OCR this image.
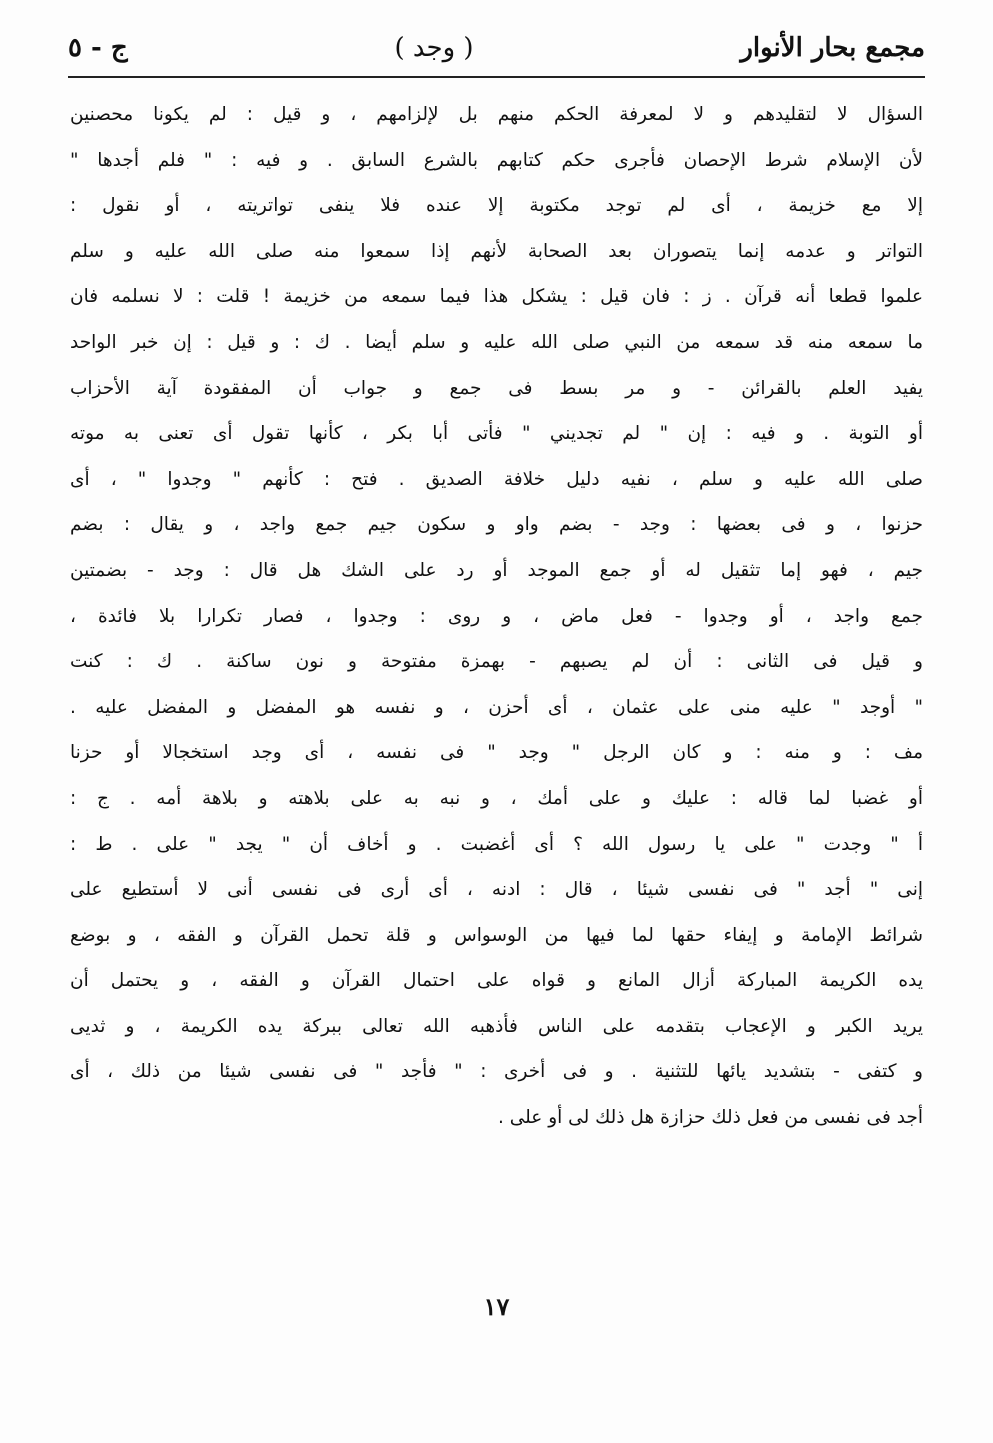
مجمع بحار الأنوار
( وجد )
ج - ٥
السؤال لا لتقليدهم و لا لمعرفة الحكم منهم بل لإلزامهم ، و قيل : لم يكونا محصنين
لأن الإسلام شرط الإحصان فأجرى حكم كتابهم بالشرع السابق . و فيه : " فلم أجدها "
إلا مع خزيمة ، أى لم توجد مكتوبة إلا عنده فلا ينفى تواتريته ، أو نقول :
التواتر و عدمه إنما يتصوران بعد الصحابة لأنهم إذا سمعوا منه صلى الله عليه و سلم
علموا قطعا أنه قرآن . ز : فان قيل : يشكل هذا فيما سمعه من خزيمة ! قلت : لا نسلمه فان
ما سمعه منه قد سمعه من النبي صلى الله عليه و سلم أيضا . ك : و قيل : إن خبر الواحد
يفيد العلم بالقرائن - و مر بسط فى جمع و جواب أن المفقودة آية الأحزاب
أو التوبة . و فيه : إن " لم تجديني " فأتى أبا بكر ، كأنها تقول أى تعنى به موته
صلى الله عليه و سلم ، نفيه دليل خلافة الصديق . فتح : كأنهم " وجدوا " ، أى
حزنوا ، و فى بعضها : وجد - بضم واو و سكون جيم جمع واجد ، و يقال : بضم
جيم ، فهو إما تثقيل له أو جمع الموجد أو رد على الشك هل قال : وجد - بضمتين
جمع واجد ، أو وجدوا - فعل ماض ، و روى : وجدوا ، فصار تكرارا بلا فائدة ،
و قيل فى الثانى : أن لم يصبهم - بهمزة مفتوحة و نون ساكنة . ك : كنت
" أوجد " عليه منى على عثمان ، أى أحزن ، و نفسه هو المفضل و المفضل عليه .
مف : و منه : و كان الرجل " وجد " فى نفسه ، أى وجد استخجالا أو حزنا
أو غضبا لما قاله : عليك و على أمك ، و نبه به على بلاهته و بلاهة أمه . ج :
أ " وجدت " على يا رسول الله ؟ أى أغضبت . و أخاف أن " يجد " على . ط :
إنى " أجد " فى نفسى شيئا ، قال : ادنه ، أى أرى فى نفسى أنى لا أستطيع على
شرائط الإمامة و إيفاء حقها لما فيها من الوسواس و قلة تحمل القرآن و الفقه ، و بوضع
يده الكريمة المباركة أزال المانع و قواه على احتمال القرآن و الفقه ، و يحتمل أن
يريد الكبر و الإعجاب بتقدمه على الناس فأذهبه الله تعالى ببركة يده الكريمة ، و ثديى
و كتفى - بتشديد يائها للتثنية . و فى أخرى : " فأجد " فى نفسى شيئا من ذلك ، أى
أجد فى نفسى من فعل ذلك حزازة هل ذلك لى أو على .
١٧
